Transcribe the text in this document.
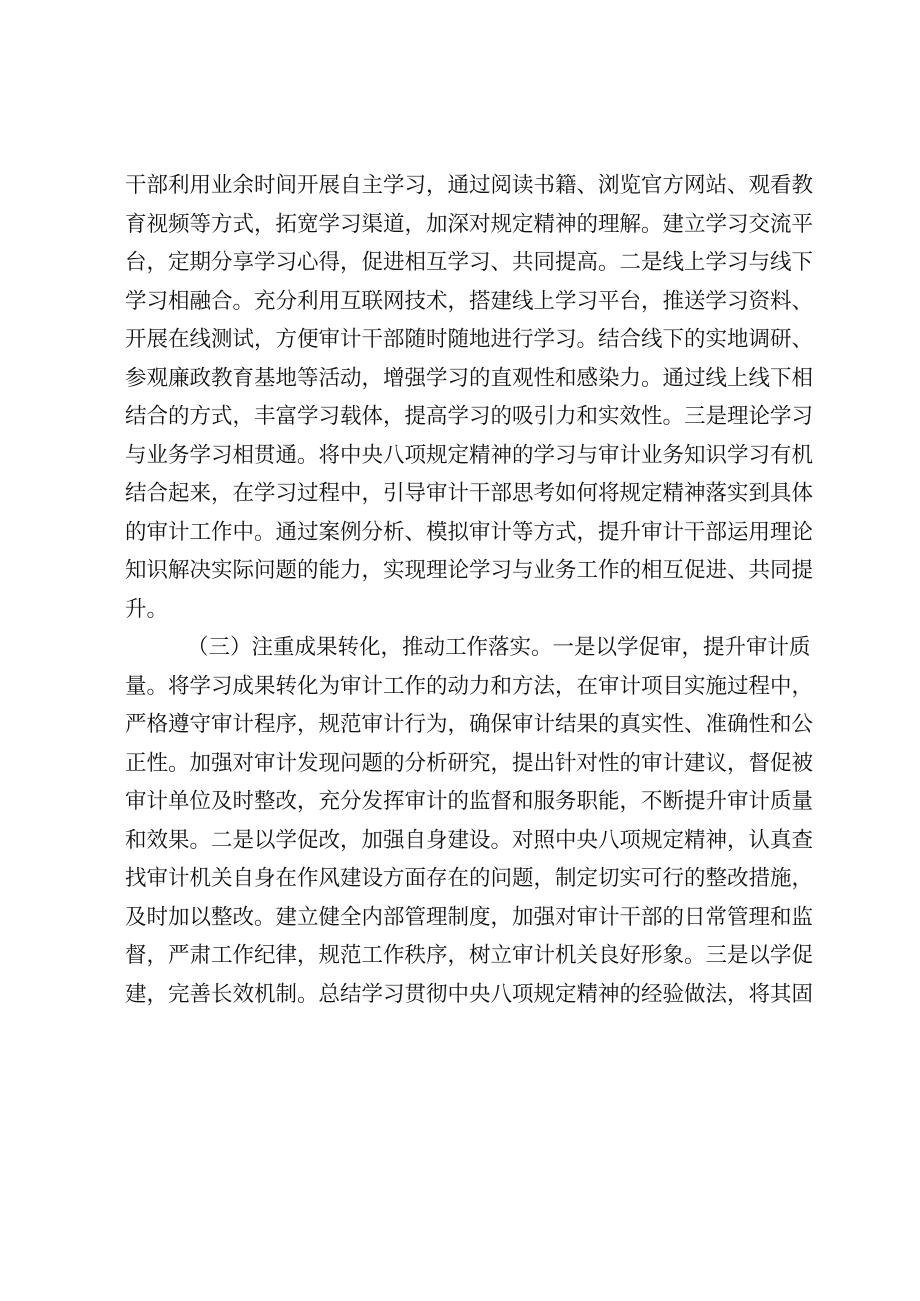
干部利用业余时间开展自主学习，通过阅读书籍、浏览官方网站、观看教
育视频等方式，拓宽学习渠道，加深对规定精神的理解。建立学习交流平
台，定期分享学习心得，促进相互学习、共同提高。二是线上学习与线下
学习相融合。充分利用互联网技术，搭建线上学习平台，推送学习资料、
开展在线测试，方便审计干部随时随地进行学习。结合线下的实地调研、
参观廉政教育基地等活动，增强学习的直观性和感染力。通过线上线下相
结合的方式，丰富学习载体，提高学习的吸引力和实效性。三是理论学习
与业务学习相贯通。将中央八项规定精神的学习与审计业务知识学习有机
结合起来，在学习过程中，引导审计干部思考如何将规定精神落实到具体
的审计工作中。通过案例分析、模拟审计等方式，提升审计干部运用理论
知识解决实际问题的能力，实现理论学习与业务工作的相互促进、共同提
升。
（三）注重成果转化，推动工作落实。一是以学促审，提升审计质
量。将学习成果转化为审计工作的动力和方法，在审计项目实施过程中，
严格遵守审计程序，规范审计行为，确保审计结果的真实性、准确性和公
正性。加强对审计发现问题的分析研究，提出针对性的审计建议，督促被
审计单位及时整改，充分发挥审计的监督和服务职能，不断提升审计质量
和效果。二是以学促改，加强自身建设。对照中央八项规定精神，认真查
找审计机关自身在作风建设方面存在的问题，制定切实可行的整改措施，
及时加以整改。建立健全内部管理制度，加强对审计干部的日常管理和监
督，严肃工作纪律，规范工作秩序，树立审计机关良好形象。三是以学促
建，完善长效机制。总结学习贯彻中央八项规定精神的经验做法，将其固
